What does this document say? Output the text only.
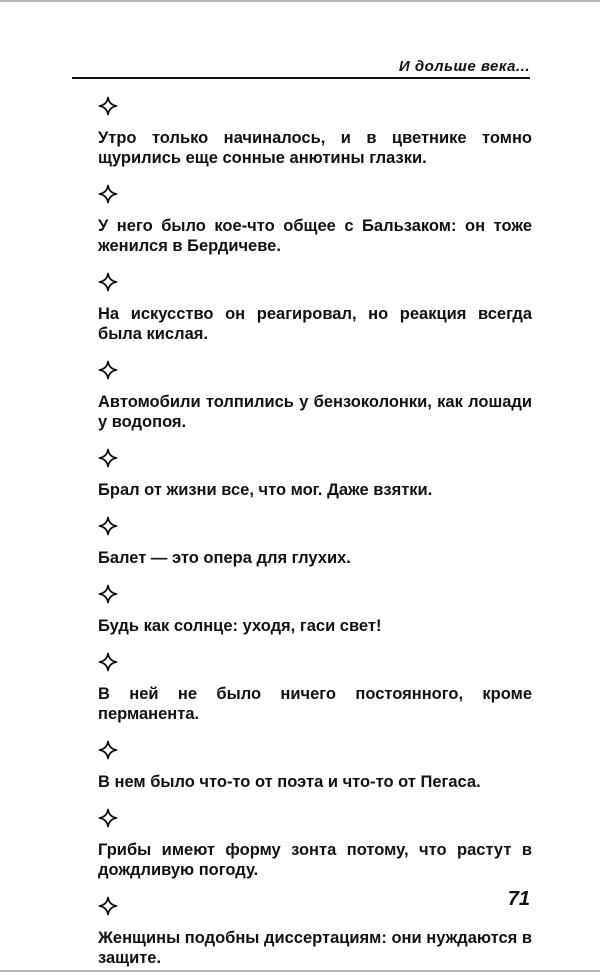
И дольше века...
Утро только начиналось, и в цветнике томно щурились еще сонные анютины глазки.
У него было кое-что общее с Бальзаком: он тоже женился в Бердичеве.
На искусство он реагировал, но реакция всегда была кислая.
Автомобили толпились у бензоколонки, как лошади у водопоя.
Брал от жизни все, что мог. Даже взятки.
Балет — это опера для глухих.
Будь как солнце: уходя, гаси свет!
В ней не было ничего постоянного, кроме перманента.
В нем было что-то от поэта и что-то от Пегаса.
Грибы имеют форму зонта потому, что растут в дождливую погоду.
Женщины подобны диссертациям: они нуждаются в защите.
71
